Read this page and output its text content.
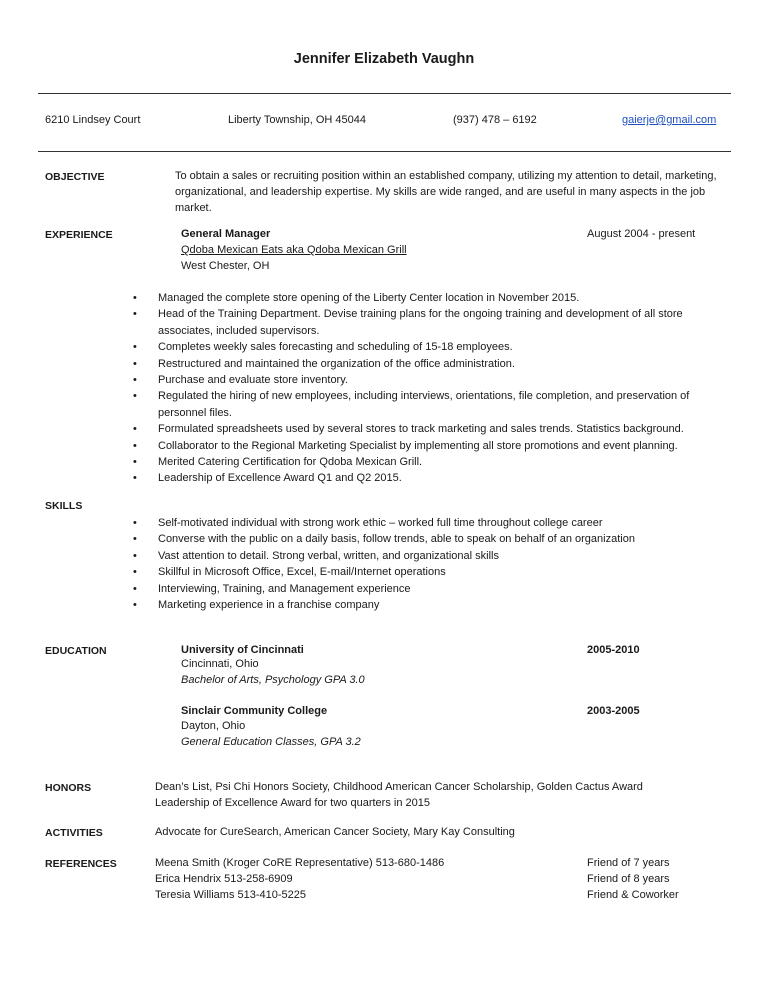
Jennifer Elizabeth Vaughn
6210 Lindsey Court	Liberty Township, OH 45044	(937) 478 – 6192	gaierje@gmail.com
OBJECTIVE	To obtain a sales or recruiting position within an established company, utilizing my attention to detail, marketing, organizational, and leadership expertise. My skills are wide ranged, and are useful in many aspects in the job market.
EXPERIENCE	General Manager	August 2004 - present
Qdoba Mexican Eats aka Qdoba Mexican Grill
West Chester, OH
• Managed the complete store opening of the Liberty Center location in November 2015.
• Head of the Training Department. Devise training plans for the ongoing training and development of all store associates, included supervisors.
• Completes weekly sales forecasting and scheduling of 15-18 employees.
• Restructured and maintained the organization of the office administration.
• Purchase and evaluate store inventory.
• Regulated the hiring of new employees, including interviews, orientations, file completion, and preservation of personnel files.
• Formulated spreadsheets used by several stores to track marketing and sales trends. Statistics background.
• Collaborator to the Regional Marketing Specialist by implementing all store promotions and event planning.
• Merited Catering Certification for Qdoba Mexican Grill.
• Leadership of Excellence Award Q1 and Q2 2015.
SKILLS
• Self-motivated individual with strong work ethic – worked full time throughout college career
• Converse with the public on a daily basis, follow trends, able to speak on behalf of an organization
• Vast attention to detail. Strong verbal, written, and organizational skills
• Skillful in Microsoft Office, Excel, E-mail/Internet operations
• Interviewing, Training, and Management experience
• Marketing experience in a franchise company
EDUCATION	University of Cincinnati	2005-2010
Cincinnati, Ohio
Bachelor of Arts, Psychology GPA 3.0
Sinclair Community College	2003-2005
Dayton, Ohio
General Education Classes, GPA 3.2
HONORS	Dean’s List, Psi Chi Honors Society, Childhood American Cancer Scholarship, Golden Cactus Award
Leadership of Excellence Award for two quarters in 2015
ACTIVITIES	Advocate for CureSearch, American Cancer Society, Mary Kay Consulting
REFERENCES	Meena Smith (Kroger CoRE Representative) 513-680-1486	Friend of 7 years
Erica Hendrix 513-258-6909	Friend of 8 years
Teresia Williams 513-410-5225	Friend & Coworker
